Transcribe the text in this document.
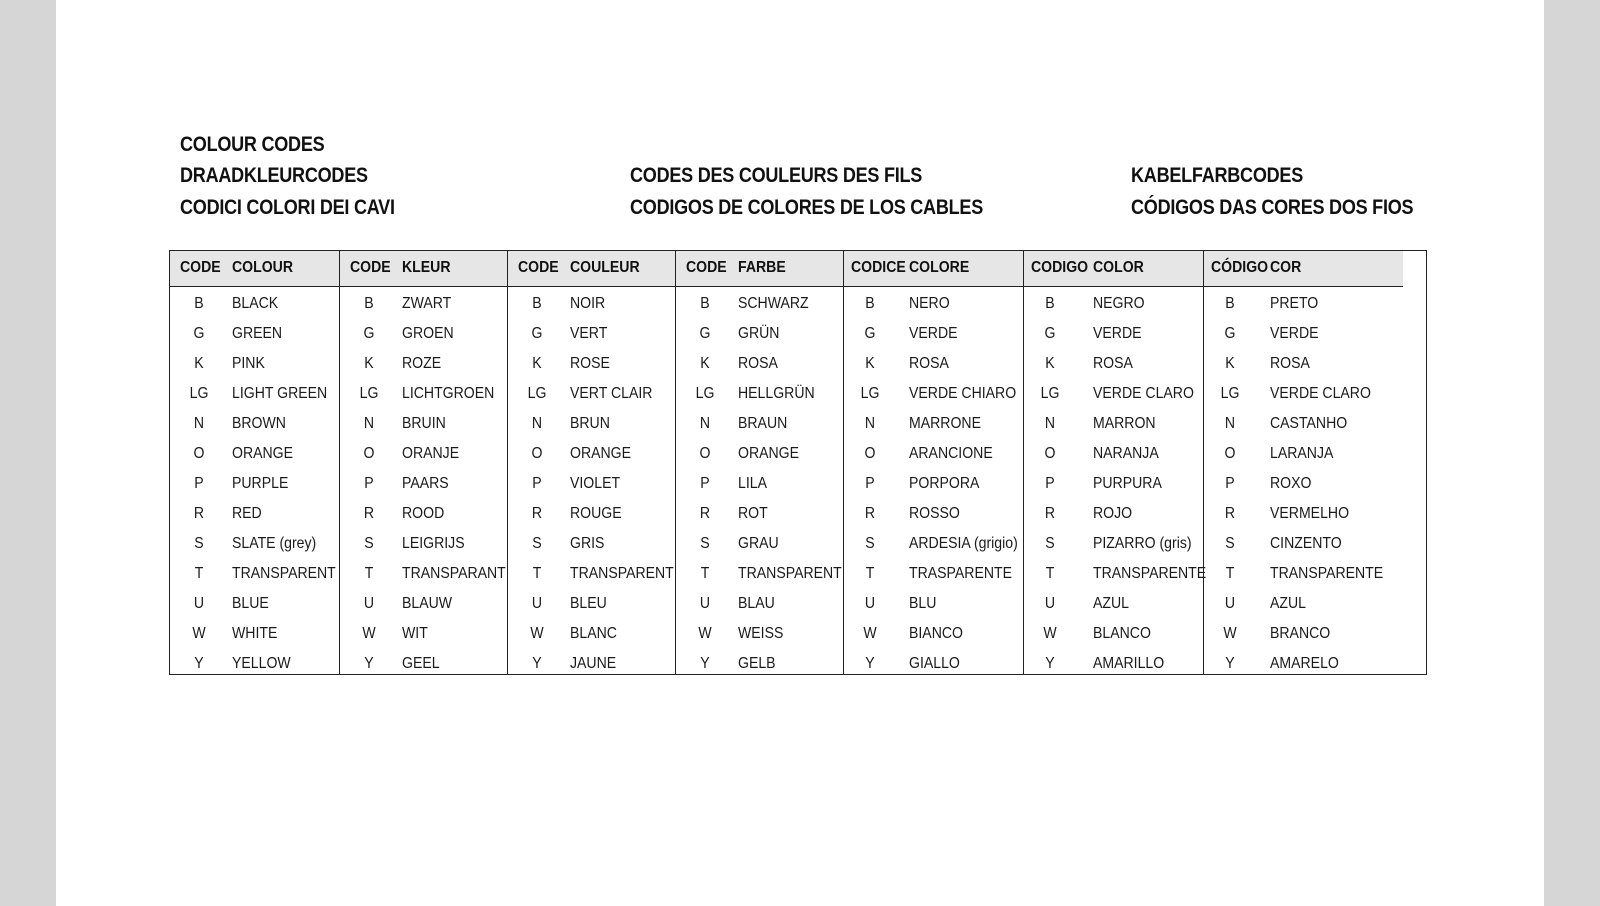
COLOUR CODES
DRAADKLEURCODES
CODICI COLORI DEI CAVI
CODES DES COULEURS DES FILS
CODIGOS DE COLORES DE LOS CABLES
KABELFARBCODES
CÓDIGOS DAS CORES DOS FIOS
CODE COLOUR
B	BLACK
G	GREEN
K	PINK
LG LIGHT GREEN
N	BROWN
O	ORANGE
P	PURPLE
R	RED
S	SLATE (grey)
T	TRANSPARENT
U	BLUE
W	WHITE
Y	YELLOW
CODE KLEUR
B	ZWART
G	GROEN
K	ROZE
LG LICHTGROEN
N	BRUIN
O	ORANJE
P	PAARS
R	ROOD
S	LEIGRIJS
T	TRANSPARANT
U	BLAUW
W	WIT
Y	GEEL
CODE COULEUR
B	NOIR
G	VERT
K	ROSE
LG VERT CLAIR
N	BRUN
O	ORANGE
P	VIOLET
R	ROUGE
S	GRIS
T	TRANSPARENT
U	BLEU
W	BLANC
Y	JAUNE
CODE FARBE
B	SCHWARZ
G	GRÜN
K	ROSA
LG HELLGRÜN
N	BRAUN
O	ORANGE
P	LILA
R	ROT
S	GRAU
T	TRANSPARENT
U	BLAU
W	WEISS
Y	GELB
CODICE COLORE
B	NERO
G	VERDE
K	ROSA
LG VERDE CHIARO
N	MARRONE
O	ARANCIONE
P	PORPORA
R	ROSSO
S	ARDESIA (grigio)
T	TRASPARENTE
U	BLU
W	BIANCO
Y	GIALLO
CODIGO COLOR
B	NEGRO
G	VERDE
K	ROSA
LG VERDE CLARO
N	MARRON
O	NARANJA
P	PURPURA
R	ROJO
S	PIZARRO (gris)
T	TRANSPARENTE
U	AZUL
W	BLANCO
Y	AMARILLO
CÓDIGO COR
B	PRETO
G	VERDE
K	ROSA
LG VERDE CLARO
N	CASTANHO
O	LARANJA
P	ROXO
R	VERMELHO
S	CINZENTO
T	TRANSPARENTE
U	AZUL
W	BRANCO
Y	AMARELO
